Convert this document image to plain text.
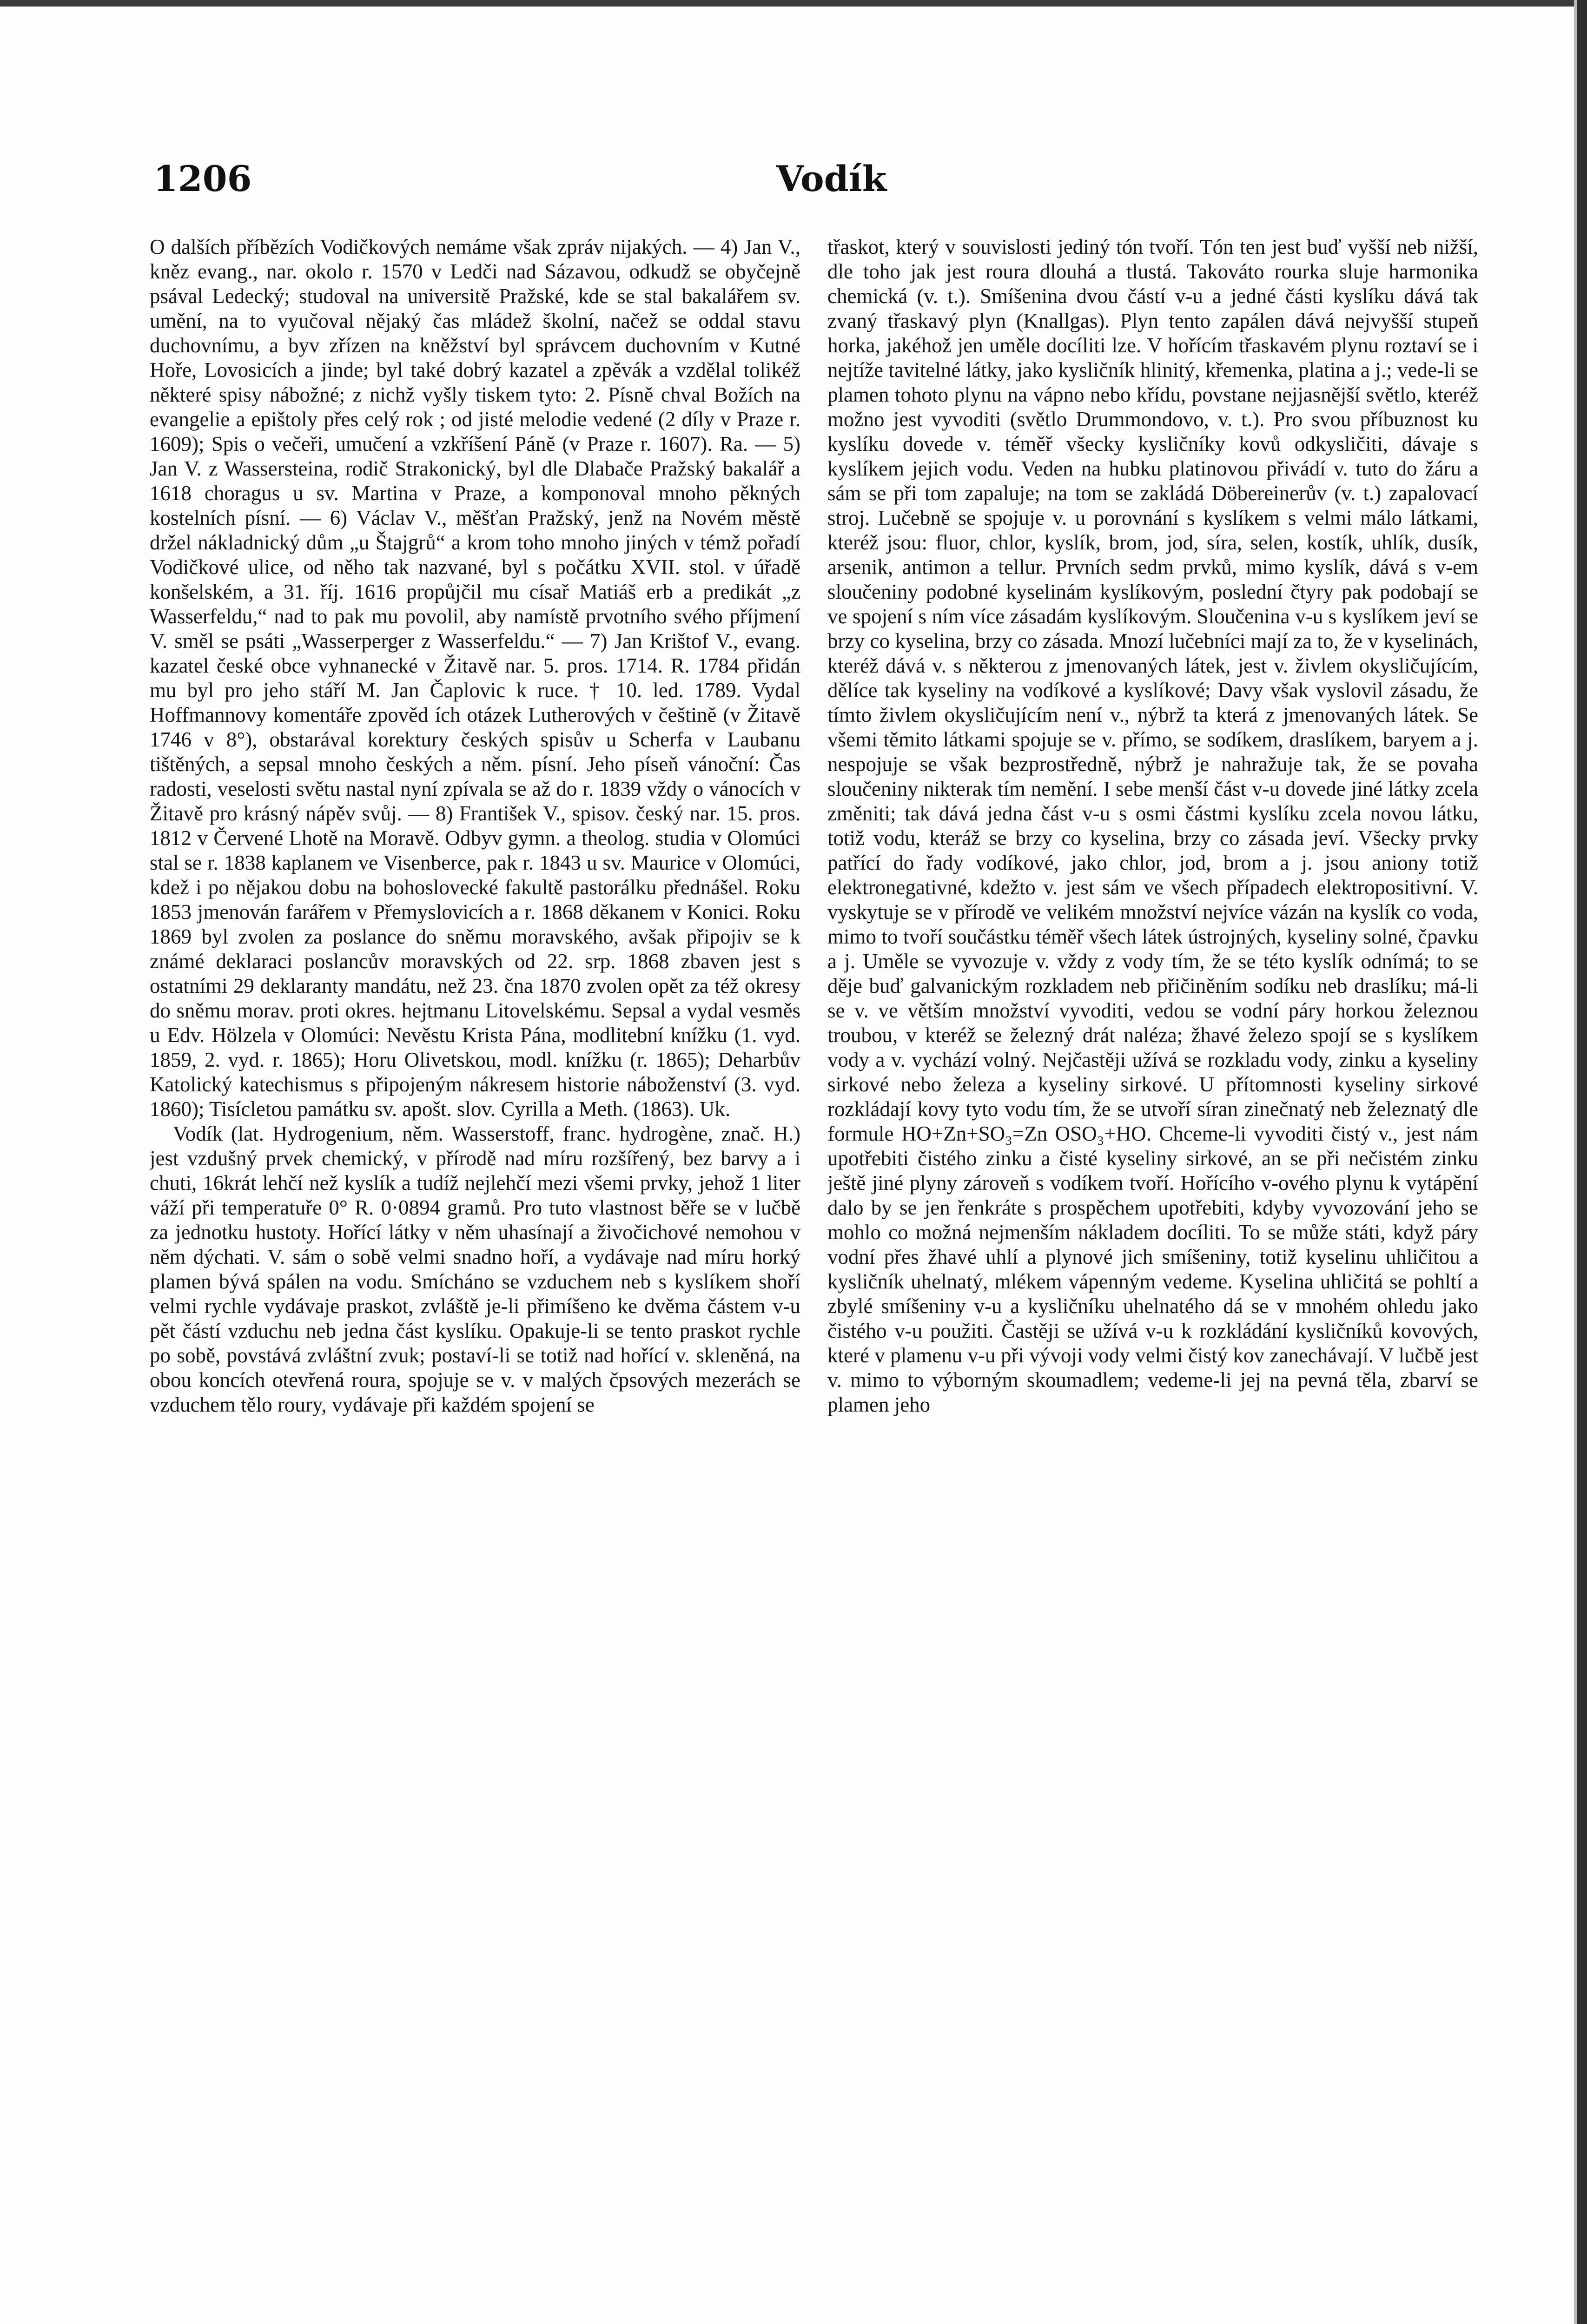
1206	Vodík

O dalších příbězích Vodičkových nemáme však zpráv nijakých. — 4) Jan V., kněz evang., nar. okolo r. 1570 v Ledči nad Sázavou, odkudž se obyčejně psával Ledecký; studoval na universitě Pražské, kde se stal bakalářem sv. umění, na to vyučoval nějaký čas mládež školní, načež se oddal stavu duchovnímu, a byv zřízen na kněžství byl správcem duchovním v Kutné Hoře, Lovosicích a jinde; byl také dobrý kazatel a zpěvák a vzdělal tolikéž některé spisy nábožné; z nichž vyšly tiskem tyto: 2. Písně chval Božích na evangelie a epištoly přes celý rok ; od jisté melodie vedené (2 díly v Praze r. 1609); Spis o večeři, umučení a vzkříšení Páně (v Praze r. 1607). Ra. — 5) Jan V. z Wassersteina, rodič Strakonický, byl dle Dlabače Pražský bakalář a 1618 choragus u sv. Martina v Praze, a komponoval mnoho pěkných kostelních písní. — 6) Václav V., měšťan Pražský, jenž na Novém městě držel nákladnický dům „u Štajgrů“ a krom toho mnoho jiných v témž pořadí Vodičkové ulice, od něho tak nazvané, byl s počátku XVII. stol. v úřadě konšelském, a 31. říj. 1616 propůjčil mu císař Matiáš erb a predikát „z Wasserfeldu,“ nad to pak mu povolil, aby namístě prvotního svého příjmení V. směl se psáti „Wasserperger z Wasserfeldu.“ — 7) Jan Krištof V., evang. kazatel české obce vyhnanecké v Žitavě nar. 5. pros. 1714. R. 1784 přidán mu byl pro jeho stáří M. Jan Čaplovic k ruce. † 10. led. 1789. Vydal Hoffmannovy komentáře zpověd ích otázek Lutherových v češtině (v Žitavě 1746 v 8°), obstarával korektury českých spisův u Scherfa v Laubanu tištěných, a sepsal mnoho českých a něm. písní. Jeho píseň vánoční: Čas radosti, veselosti světu nastal nyní zpívala se až do r. 1839 vždy o vánocích v Žitavě pro krásný nápěv svůj. — 8) František V., spisov. český nar. 15. pros. 1812 v Červené Lhotě na Moravě. Odbyv gymn. a theolog. studia v Olomúci stal se r. 1838 kaplanem ve Visenberce, pak r. 1843 u sv. Maurice v Olomúci, kdež i po nějakou dobu na bohoslovecké fakultě pastorálku přednášel. Roku 1853 jmenován farářem v Přemyslovicích a r. 1868 děkanem v Konici. Roku 1869 byl zvolen za poslance do sněmu moravského, avšak připojiv se k známé deklaraci poslancův moravských od 22. srp. 1868 zbaven jest s ostatními 29 deklaranty mandátu, než 23. čna 1870 zvolen opět za též okresy do sněmu morav. proti okres. hejtmanu Litovelskému. Sepsal a vydal vesměs u Edv. Hölzela v Olomúci: Nevěstu Krista Pána, modlitební knížku (1. vyd. 1859, 2. vyd. r. 1865); Horu Olivetskou, modl. knížku (r. 1865); Deharbův Katolický katechismus s připojeným nákresem historie náboženství (3. vyd. 1860); Tisícletou památku sv. apošt. slov. Cyrilla a Meth. (1863). Uk.

Vodík (lat. Hydrogenium, něm. Wasserstoff, franc. hydrogène, znač. H.) jest vzdušný prvek chemický, v přírodě nad míru rozšířený, bez barvy a i chuti, 16krát lehčí než kyslík a tudíž nejlehčí mezi všemi prvky, jehož 1 liter váží při temperatuře 0° R. 0·0894 gramů. Pro tuto vlastnost běře se v lučbě za jednotku hustoty. Hořící látky v něm uhasínají a živočichové nemohou v něm dýchati. V. sám o sobě velmi snadno hoří, a vydávaje nad míru horký plamen bývá spálen na vodu. Smícháno se vzduchem neb s kyslíkem shoří velmi rychle vydávaje praskot, zvláště je-li přimíšeno ke dvěma částem v-u pět částí vzduchu neb jedna část kyslíku. Opakuje-li se tento praskot rychle po sobě, povstává zvláštní zvuk; postaví-li se totiž nad hořící v. skleněná, na obou koncích otevřená roura, spojuje se v. v malých čpsových mezerách se vzduchem tělo roury, vydávaje při každém spojení se

třaskot, který v souvislosti jediný tón tvoří. Tón ten jest buď vyšší neb nižší, dle toho jak jest roura dlouhá a tlustá. Takováto rourka sluje harmonika chemická (v. t.). Smíšenina dvou částí v-u a jedné části kyslíku dává tak zvaný třaskavý plyn (Knallgas). Plyn tento zapálen dává nejvyšší stupeň horka, jakéhož jen uměle docíliti lze. V hořícím třaskavém plynu roztaví se i nejtíže tavitelné látky, jako kysličník hlinitý, křemenka, platina a j.; vede-li se plamen tohoto plynu na vápno nebo křídu, povstane nejjasnější světlo, kteréž možno jest vyvoditi (světlo Drummondovo, v. t.). Pro svou příbuznost ku kyslíku dovede v. téměř všecky kysličníky kovů odkysličiti, dávaje s kyslíkem jejich vodu. Veden na hubku platinovou přivádí v. tuto do žáru a sám se při tom zapaluje; na tom se zakládá Döbereinerův (v. t.) zapalovací stroj. Lučebně se spojuje v. u porovnání s kyslíkem s velmi málo látkami, kteréž jsou: fluor, chlor, kyslík, brom, jod, síra, selen, kostík, uhlík, dusík, arsenik, antimon a tellur. Prvních sedm prvků, mimo kyslík, dává s v-em sloučeniny podobné kyselinám kyslíkovým, poslední čtyry pak podobají se ve spojení s ním více zásadám kyslíkovým. Sloučenina v-u s kyslíkem jeví se brzy co kyselina, brzy co zásada. Mnozí lučebníci mají za to, že v kyselinách, kteréž dává v. s některou z jmenovaných látek, jest v. živlem okysličujícím, dělíce tak kyseliny na vodíkové a kyslíkové; Davy však vyslovil zásadu, že tímto živlem okysličujícím není v., nýbrž ta která z jmenovaných látek. Se všemi těmito látkami spojuje se v. přímo, se sodíkem, draslíkem, baryem a j. nespojuje se však bezprostředně, nýbrž je nahražuje tak, že se povaha sloučeniny nikterak tím nemění. I sebe menší část v-u dovede jiné látky zcela změniti; tak dává jedna část v-u s osmi částmi kyslíku zcela novou látku, totiž vodu, kteráž se brzy co kyselina, brzy co zásada jeví. Všecky prvky patřící do řady vodíkové, jako chlor, jod, brom a j. jsou aniony totiž elektronegativné, kdežto v. jest sám ve všech případech elektropositivní. V. vyskytuje se v přírodě ve velikém množství nejvíce vázán na kyslík co voda, mimo to tvoří součástku téměř všech látek ústrojných, kyseliny solné, čpavku a j. Uměle se vyvozuje v. vždy z vody tím, že se této kyslík odnímá; to se děje buď galvanickým rozkladem neb přičiněním sodíku neb draslíku; má-li se v. ve větším množství vyvoditi, vedou se vodní páry horkou železnou troubou, v kteréž se železný drát naléza; žhavé železo spojí se s kyslíkem vody a v. vychází volný. Nejčastěji užívá se rozkladu vody, zinku a kyseliny sirkové nebo železa a kyseliny sirkové. U přítomnosti kyseliny sirkové rozkládají kovy tyto vodu tím, že se utvoří síran zinečnatý neb železnatý dle formule HO+Zn+SO₃=Zn OSO₃+HO. Chceme-li vyvoditi čistý v., jest nám upotřebiti čistého zinku a čisté kyseliny sirkové, an se při nečistém zinku ještě jiné plyny zároveň s vodíkem tvoří. Hořícího v-ového plynu k vytápění dalo by se jen řenkráte s prospěchem upotřebiti, kdyby vyvozování jeho se mohlo co možná nejmenším nákladem docíliti. To se může státi, když páry vodní přes žhavé uhlí a plynové jich smíšeniny, totiž kyselinu uhličitou a kysličník uhelnatý, mlékem vápenným vedeme. Kyselina uhličitá se pohltí a zbylé smíšeniny v-u a kysličníku uhelnatého dá se v mnohém ohledu jako čistého v-u použiti. Častěji se užívá v-u k rozkládání kysličníků kovových, které v plamenu v-u při vývoji vody velmi čistý kov zanechávají. V lučbě jest v. mimo to výborným skoumadlem; vedeme-li jej na pevná těla, zbarví se plamen jeho
